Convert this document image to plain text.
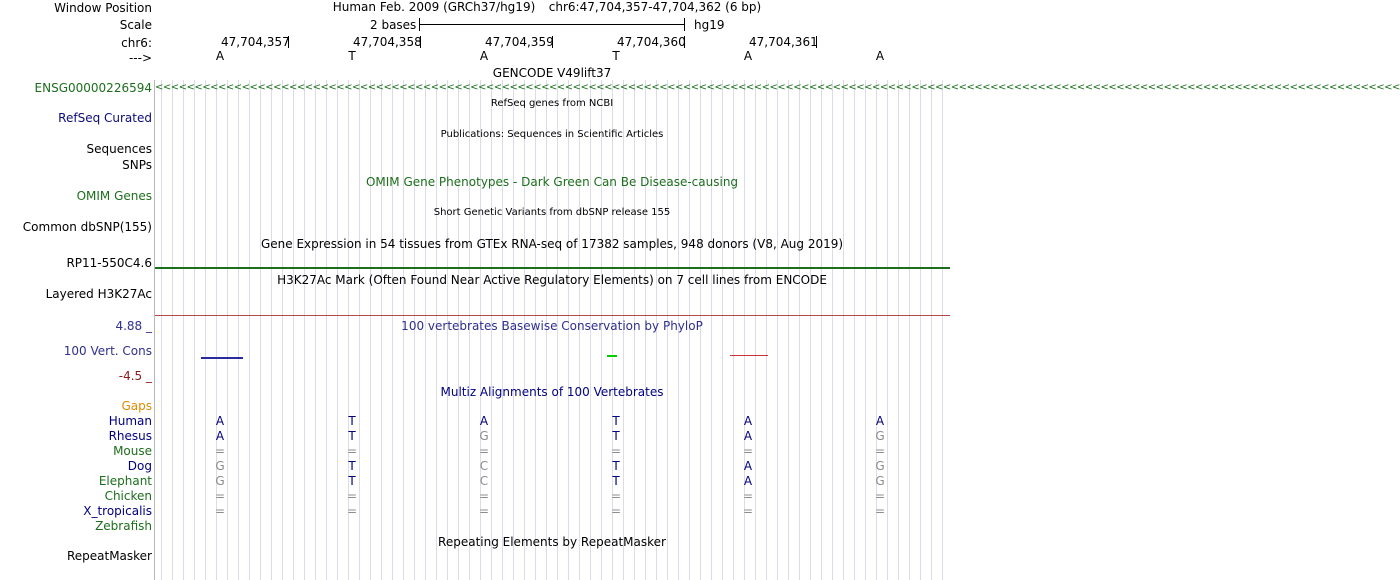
Window Position
Scale
chr6:
--->
ENSG00000226594
RefSeq Curated
Sequences
SNPs
OMIM Genes
Common dbSNP(155)
RP11-550C4.6
Layered H3K27Ac
4.88 _
100 Vert. Cons
-4.5 _
Gaps
Human
Rhesus
Mouse
Dog
Elephant
Chicken
X_tropicalis
Zebrafish
RepeatMasker
Human Feb. 2009 (GRCh37/hg19) chr6:47,704,357-47,704,362 (6 bp)
2 bases	hg19
47,704,357	47,704,358	47,704,359	47,704,360	47,704,361
A	T	A	T	A	A
GENCODE V49lift37
<<<<<<<<<<<<<<<<<<<<<<<<<<<<<<<<<<<<<<<<<<<<<<<<<<<<<<<<<<<<<<<<<<<<<<<<<<<<<<<<<<<<<<<<<<<<<<<<<<<<<<<<<<<<<<<<<<<<<<<<<<<<<<<<<<<<<<<<<<<<<<<<<<<<<<<<<<<<<<
RefSeq genes from NCBI
Publications: Sequences in Scientific Articles
OMIM Gene Phenotypes - Dark Green Can Be Disease-causing
Short Genetic Variants from dbSNP release 155
Gene Expression in 54 tissues from GTEx RNA-seq of 17382 samples, 948 donors (V8, Aug 2019)
H3K27Ac Mark (Often Found Near Active Regulatory Elements) on 7 cell lines from ENCODE
100 vertebrates Basewise Conservation by PhyloP
Multiz Alignments of 100 Vertebrates
A	T	A	T	A	A
A	T	G	T	A	G
=	=	=	=	=	=
G	T	C	T	A	G
G	T	C	T	A	G
=	=	=	=	=	=
=	=	=	=	=	=
Repeating Elements by RepeatMasker
